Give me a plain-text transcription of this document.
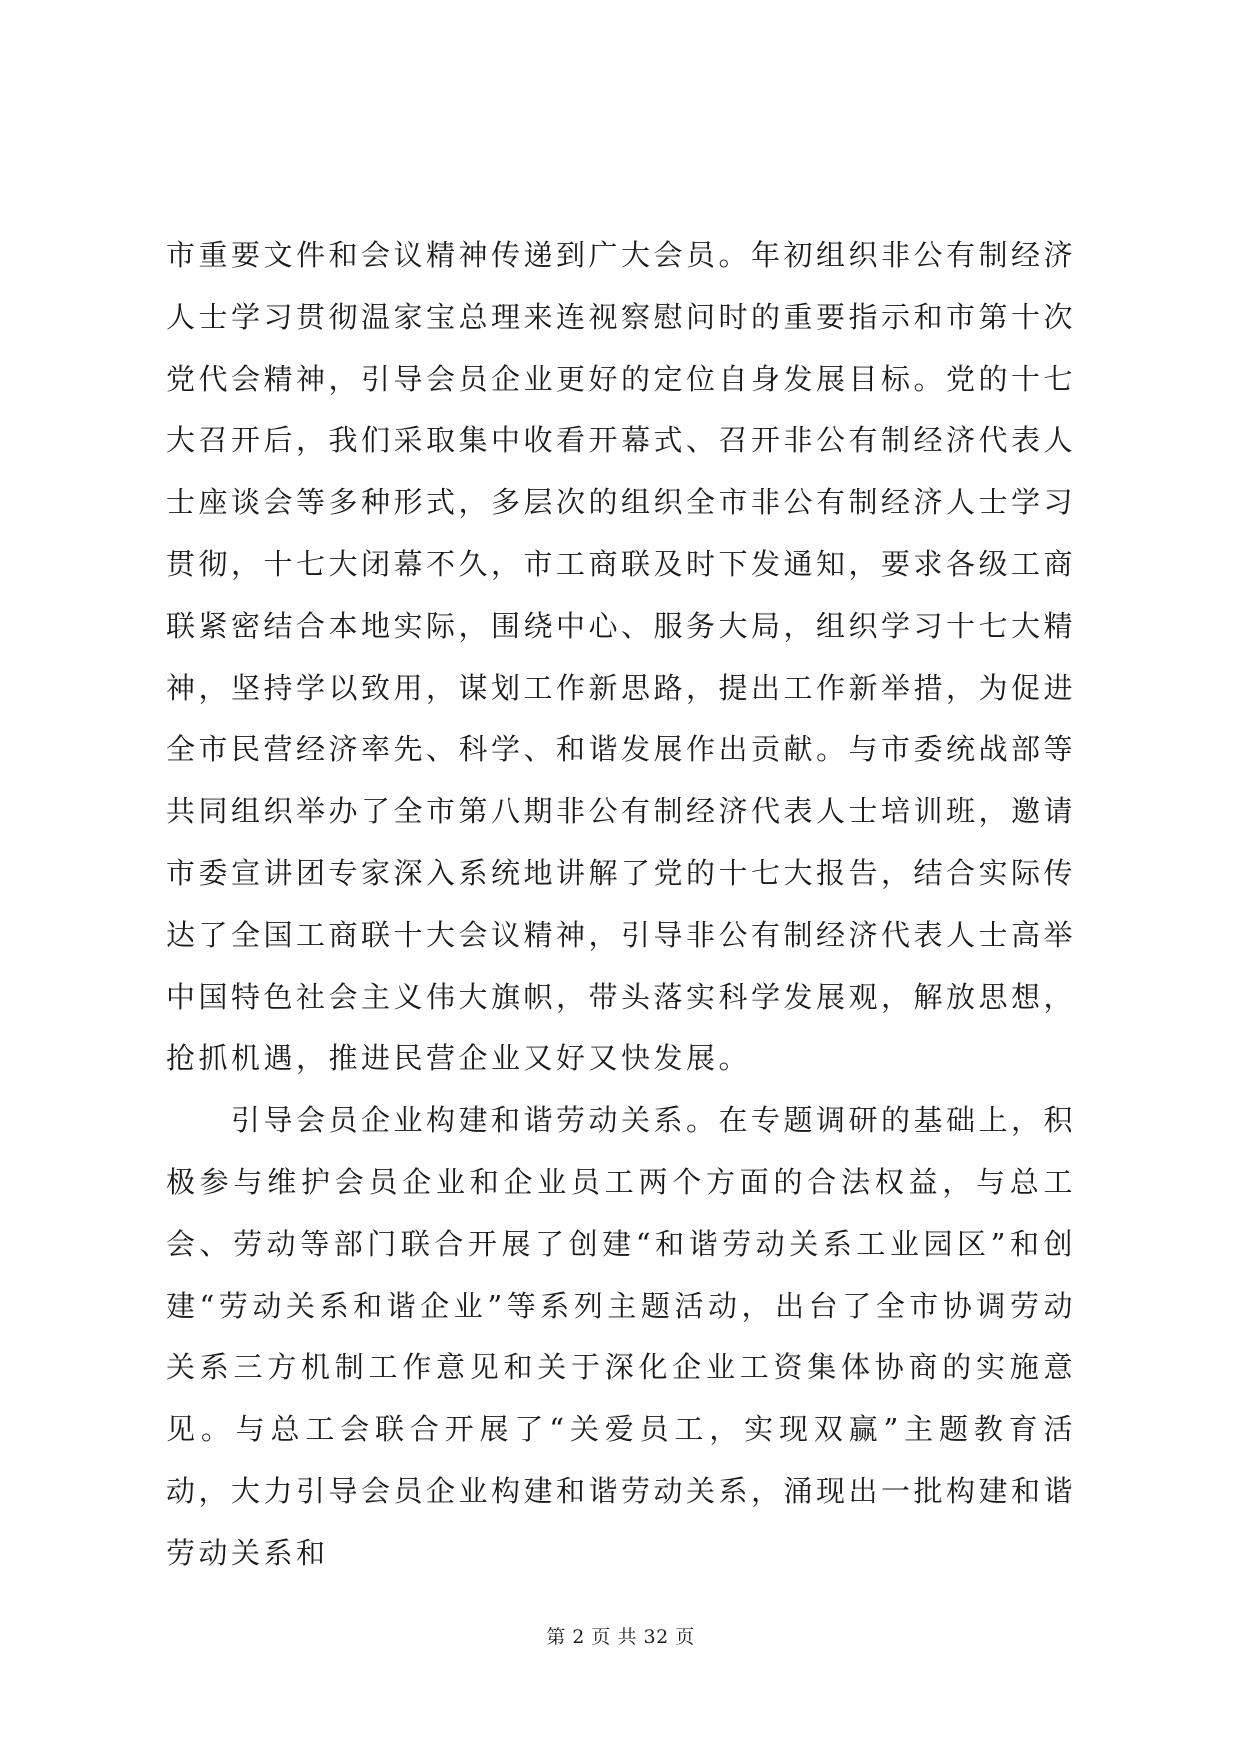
市重要文件和会议精神传递到广大会员。年初组织非公有制经济人士学习贯彻温家宝总理来连视察慰问时的重要指示和市第十次党代会精神，引导会员企业更好的定位自身发展目标。党的十七大召开后，我们采取集中收看开幕式、召开非公有制经济代表人士座谈会等多种形式，多层次的组织全市非公有制经济人士学习贯彻，十七大闭幕不久，市工商联及时下发通知，要求各级工商联紧密结合本地实际，围绕中心、服务大局，组织学习十七大精神，坚持学以致用，谋划工作新思路，提出工作新举措，为促进全市民营经济率先、科学、和谐发展作出贡献。与市委统战部等共同组织举办了全市第八期非公有制经济代表人士培训班，邀请市委宣讲团专家深入系统地讲解了党的十七大报告，结合实际传达了全国工商联十大会议精神，引导非公有制经济代表人士高举中国特色社会主义伟大旗帜，带头落实科学发展观，解放思想，抢抓机遇，推进民营企业又好又快发展。

引导会员企业构建和谐劳动关系。在专题调研的基础上，积极参与维护会员企业和企业员工两个方面的合法权益，与总工会、劳动等部门联合开展了创建“和谐劳动关系工业园区”和创建“劳动关系和谐企业”等系列主题活动，出台了全市协调劳动关系三方机制工作意见和关于深化企业工资集体协商的实施意见。与总工会联合开展了“关爱员工，实现双赢”主题教育活动，大力引导会员企业构建和谐劳动关系，涌现出一批构建和谐劳动关系和

第 2 页 共 32 页
